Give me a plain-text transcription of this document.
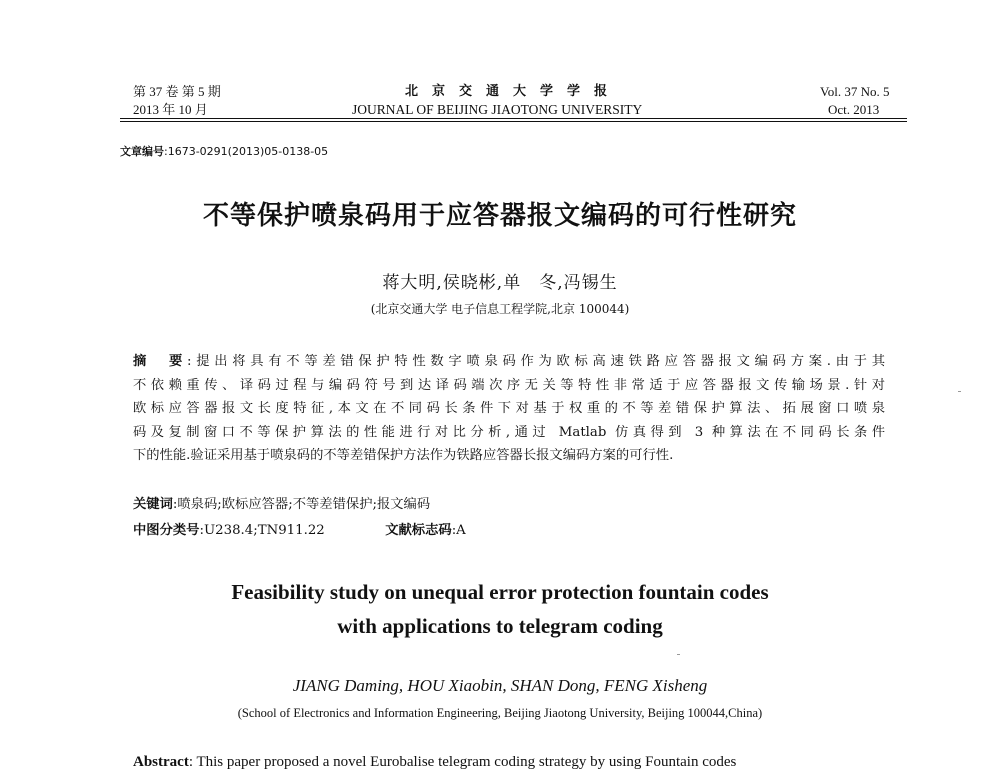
第 37 卷 第 5 期
2013 年 10 月
北京交通大学学报
JOURNAL OF BEIJING JIAOTONG UNIVERSITY
Vol. 37 No. 5
Oct. 2013
文章编号:1673-0291(2013)05-0138-05
不等保护喷泉码用于应答器报文编码的可行性研究
蒋大明,侯晓彬,单　冬,冯锡生
(北京交通大学 电子信息工程学院,北京 100044)
摘　要:提出将具有不等差错保护特性数字喷泉码作为欧标高速铁路应答器报文编码方案.由于其
不依赖重传、译码过程与编码符号到达译码端次序无关等特性非常适于应答器报文传输场景.针对
欧标应答器报文长度特征,本文在不同码长条件下对基于权重的不等差错保护算法、拓展窗口喷泉
码及复制窗口不等保护算法的性能进行对比分析,通过 Matlab 仿真得到 3 种算法在不同码长条件
下的性能.验证采用基于喷泉码的不等差错保护方法作为铁路应答器长报文编码方案的可行性.
关键词:喷泉码;欧标应答器;不等差错保护;报文编码
中图分类号:U238.4;TN911.22	文献标志码:A
Feasibility study on unequal error protection fountain codes
with applications to telegram coding
JIANG Daming, HOU Xiaobin, SHAN Dong, FENG Xisheng
(School of Electronics and Information Engineering, Beijing Jiaotong University, Beijing 100044,China)
Abstract: This paper proposed a novel Eurobalise telegram coding strategy by using Fountain codes
